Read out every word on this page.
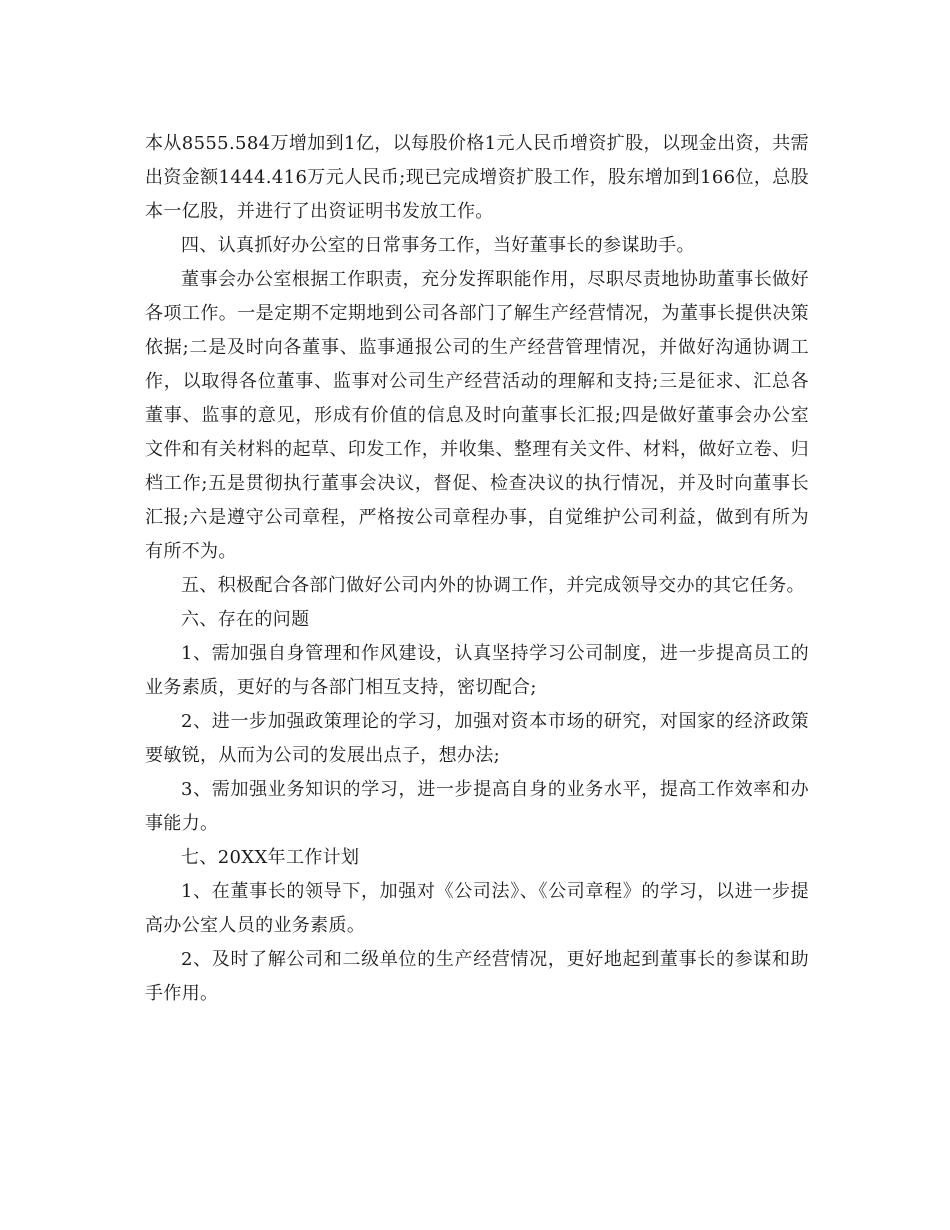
本从8555.584万增加到1亿，以每股价格1元人民币增资扩股，以现金出资，共需出资金额1444.416万元人民币;现已完成增资扩股工作，股东增加到166位，总股本一亿股，并进行了出资证明书发放工作。

四、认真抓好办公室的日常事务工作，当好董事长的参谋助手。

董事会办公室根据工作职责，充分发挥职能作用，尽职尽责地协助董事长做好各项工作。一是定期不定期地到公司各部门了解生产经营情况，为董事长提供决策依据;二是及时向各董事、监事通报公司的生产经营管理情况，并做好沟通协调工作，以取得各位董事、监事对公司生产经营活动的理解和支持;三是征求、汇总各董事、监事的意见，形成有价值的信息及时向董事长汇报;四是做好董事会办公室文件和有关材料的起草、印发工作，并收集、整理有关文件、材料，做好立卷、归档工作;五是贯彻执行董事会决议，督促、检查决议的执行情况，并及时向董事长汇报;六是遵守公司章程，严格按公司章程办事，自觉维护公司利益，做到有所为有所不为。

五、积极配合各部门做好公司内外的协调工作，并完成领导交办的其它任务。

六、存在的问题

1、需加强自身管理和作风建设，认真坚持学习公司制度，进一步提高员工的业务素质，更好的与各部门相互支持，密切配合;

2、进一步加强政策理论的学习，加强对资本市场的研究，对国家的经济政策要敏锐，从而为公司的发展出点子，想办法;

3、需加强业务知识的学习，进一步提高自身的业务水平，提高工作效率和办事能力。

七、20XX年工作计划

1、在董事长的领导下，加强对《公司法》、《公司章程》的学习，以进一步提高办公室人员的业务素质。

2、及时了解公司和二级单位的生产经营情况，更好地起到董事长的参谋和助手作用。
